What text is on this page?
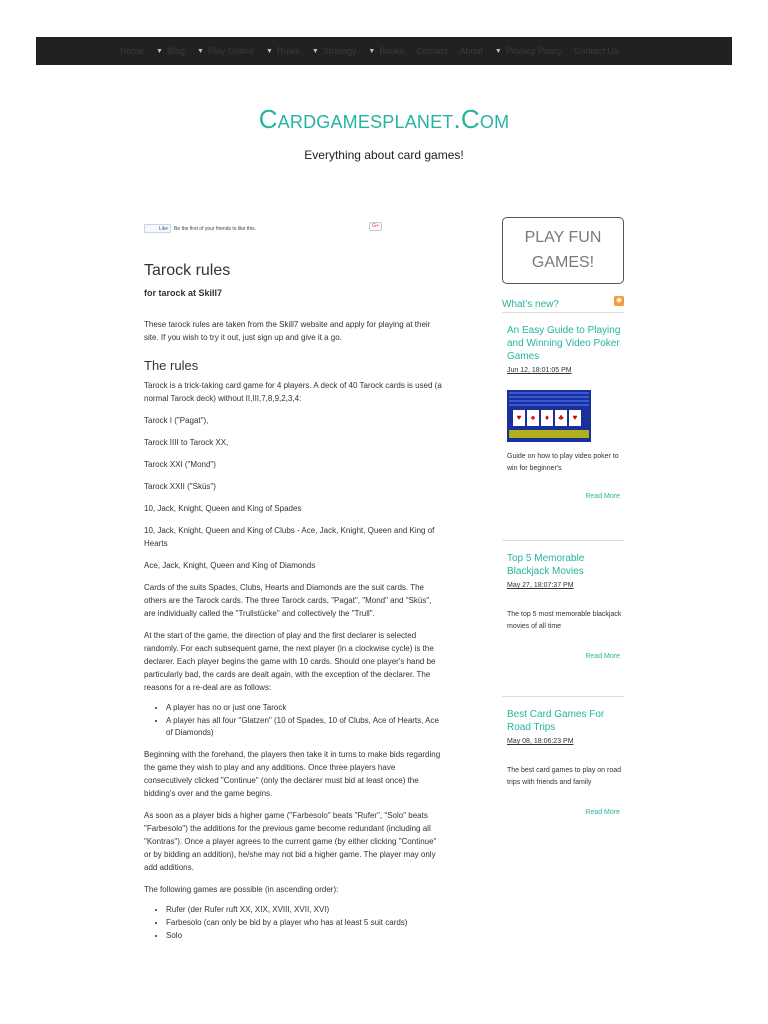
Home ▼ Blog ▼ Play Online ▼ Rules ▼ Strategy ▼ Books Contact About ▼ Privacy Policy Contact Us
Cardgamesplanet.Com
Everything about card games!
Like Be the first of your friends to like this.	G+
Tarock rules
for tarock at Skill7

These tarock rules are taken from the Skill7 website and apply for playing at their site. If you wish to try it out, just sign up and give it a go.

The rules

Tarock is a trick-taking card game for 4 players. A deck of 40 Tarock cards is used (a normal Tarock deck) without II,III,7,8,9,2,3,4:

Tarock I ("Pagat"),

Tarock IIII to Tarock XX,

Tarock XXI ("Mond")

Tarock XXII ("Sküs")

10, Jack, Knight, Queen and King of Spades

10, Jack, Knight, Queen and King of Clubs - Ace, Jack, Knight, Queen and King of Hearts

Ace, Jack, Knight, Queen and King of Diamonds

Cards of the suits Spades, Clubs, Hearts and Diamonds are the suit cards. The others are the Tarock cards. The three Tarock cards, "Pagat", "Mond" and "Sküs", are individually called the "Trullstücke" and collectively the "Trull".

At the start of the game, the direction of play and the first declarer is selected randomly. For each subsequent game, the next player (in a clockwise cycle) is the declarer. Each player begins the game with 10 cards. Should one player's hand be particularly bad, the cards are dealt again, with the exception of the declarer. The reasons for a re-deal are as follows:

• A player has no or just one Tarock
• A player has all four "Glatzen" (10 of Spades, 10 of Clubs, Ace of Hearts, Ace of Diamonds)

Beginning with the forehand, the players then take it in turns to make bids regarding the game they wish to play and any additions. Once three players have consecutively clicked "Continue" (only the declarer must bid at least once) the bidding's over and the game begins.

As soon as a player bids a higher game ("Farbesolo" beats "Rufer", "Solo" beats "Farbesolo") the additions for the previous game become redundant (including all "Kontras"). Once a player agrees to the current game (by either clicking "Continue" or by bidding an addition), he/she may not bid a higher game. The player may only add additions.

The following games are possible (in ascending order):

• Rufer (der Rufer ruft XX, XIX, XVIII, XVII, XVI)
• Farbesolo (can only be bid by a player who has at least 5 suit cards)
• Solo
PLAY FUN GAMES!
What's new?	◉
An Easy Guide to Playing and Winning Video Poker Games
Jun 12, 18:01:05 PM
♥	♠	♦	♣	♥
Guide on how to play video poker to win for beginner's
Read More
Top 5 Memorable Blackjack Movies
May 27, 18:07:37 PM
The top 5 most memorable blackjack movies of all time
Read More
Best Card Games For Road Trips
May 08, 18:06:23 PM
The best card games to play on road trips with friends and family
Read More
